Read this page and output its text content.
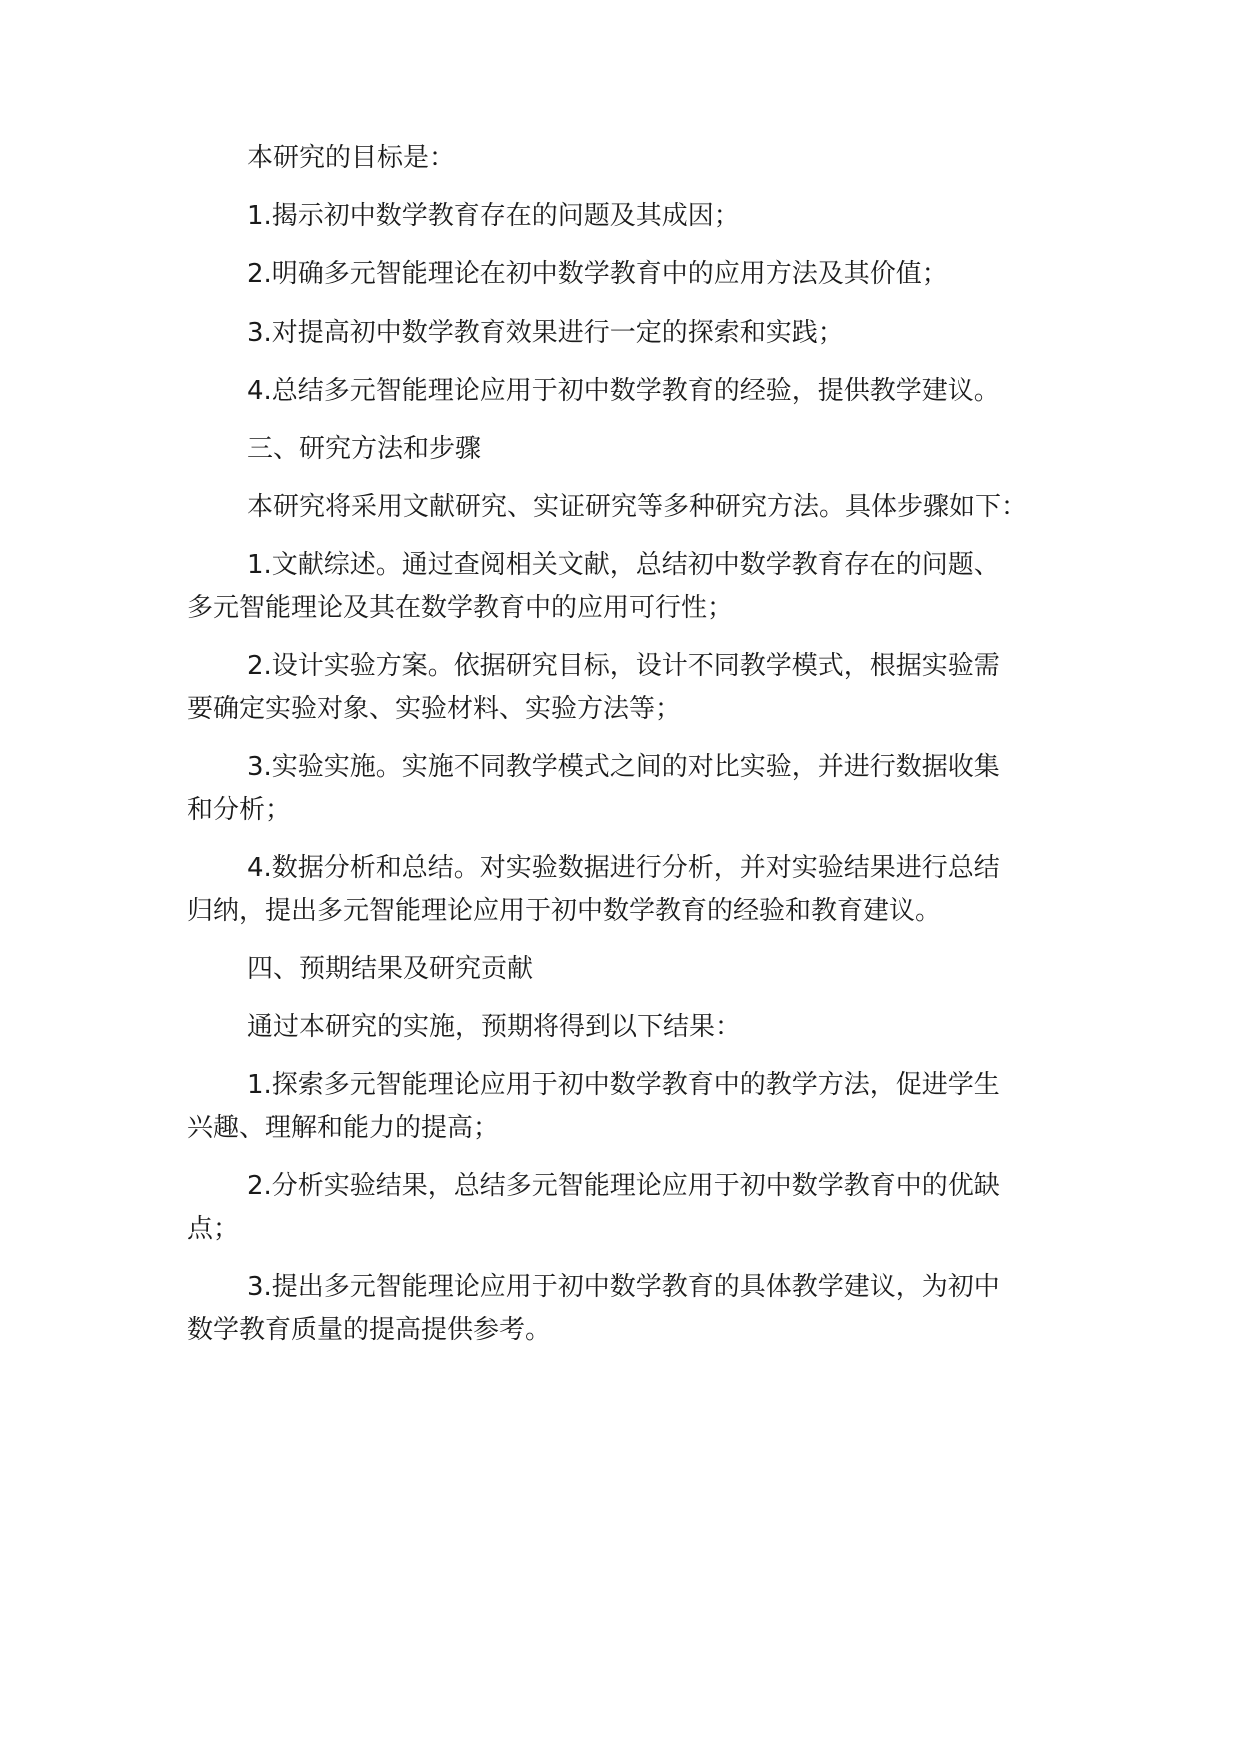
本研究的目标是：
1.揭示初中数学教育存在的问题及其成因；
2.明确多元智能理论在初中数学教育中的应用方法及其价值；
3.对提高初中数学教育效果进行一定的探索和实践；
4.总结多元智能理论应用于初中数学教育的经验，提供教学建议。
三、研究方法和步骤
本研究将采用文献研究、实证研究等多种研究方法。具体步骤如下：
1.文献综述。通过查阅相关文献，总结初中数学教育存在的问题、
多元智能理论及其在数学教育中的应用可行性；
2.设计实验方案。依据研究目标，设计不同教学模式，根据实验需
要确定实验对象、实验材料、实验方法等；
3.实验实施。实施不同教学模式之间的对比实验，并进行数据收集
和分析；
4.数据分析和总结。对实验数据进行分析，并对实验结果进行总结
归纳，提出多元智能理论应用于初中数学教育的经验和教育建议。
四、预期结果及研究贡献
通过本研究的实施，预期将得到以下结果：
1.探索多元智能理论应用于初中数学教育中的教学方法，促进学生
兴趣、理解和能力的提高；
2.分析实验结果，总结多元智能理论应用于初中数学教育中的优缺
点；
3.提出多元智能理论应用于初中数学教育的具体教学建议，为初中
数学教育质量的提高提供参考。
